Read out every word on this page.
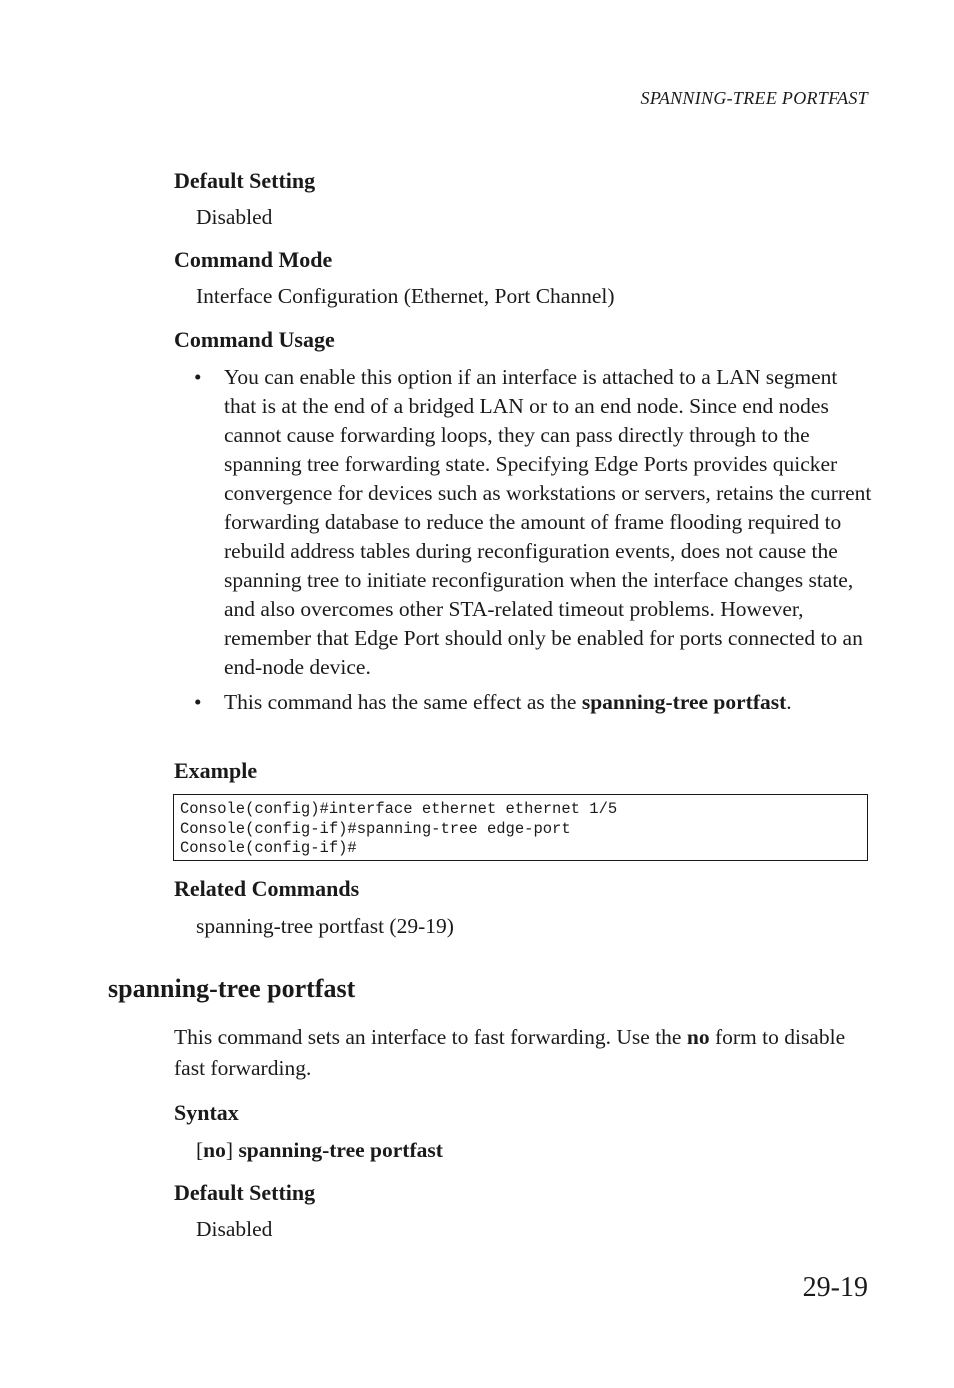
SPANNING-TREE PORTFAST
Default Setting
Disabled
Command Mode
Interface Configuration (Ethernet, Port Channel)
Command Usage
• You can enable this option if an interface is attached to a LAN segment that is at the end of a bridged LAN or to an end node. Since end nodes cannot cause forwarding loops, they can pass directly through to the spanning tree forwarding state. Specifying Edge Ports provides quicker convergence for devices such as workstations or servers, retains the current forwarding database to reduce the amount of frame flooding required to rebuild address tables during reconfiguration events, does not cause the spanning tree to initiate reconfiguration when the interface changes state, and also overcomes other STA-related timeout problems. However, remember that Edge Port should only be enabled for ports connected to an end-node device.
• This command has the same effect as the spanning-tree portfast.
Example
Console(config)#interface ethernet ethernet 1/5
Console(config-if)#spanning-tree edge-port
Console(config-if)#
Related Commands
spanning-tree portfast (29-19)
spanning-tree portfast
This command sets an interface to fast forwarding. Use the no form to disable fast forwarding.
Syntax
[no] spanning-tree portfast
Default Setting
Disabled
29-19
